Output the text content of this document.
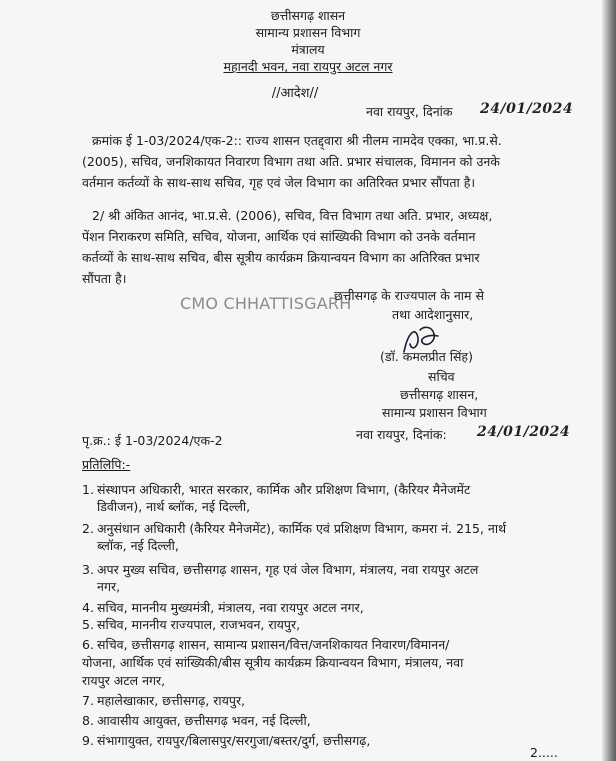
छत्तीसगढ़ शासन
सामान्य प्रशासन विभाग
मंत्रालय
महानदी भवन, नवा रायपुर अटल नगर
//आदेश//
नवा रायपुर, दिनांक 24/01/2024
क्रमांक ई 1-03/2024/एक-2:: राज्य शासन एतद्द्वारा श्री नीलम नामदेव एक्का, भा.प्र.से.
(2005), सचिव, जनशिकायत निवारण विभाग तथा अति. प्रभार संचालक, विमानन को उनके
वर्तमान कर्तव्यों के साथ-साथ सचिव, गृह एवं जेल विभाग का अतिरिक्त प्रभार सौंपता है।
2/ श्री अंकित आनंद, भा.प्र.से. (2006), सचिव, वित्त विभाग तथा अति. प्रभार, अध्यक्ष,
पेंशन निराकरण समिति, सचिव, योजना, आर्थिक एवं सांख्यिकी विभाग को उनके वर्तमान
कर्तव्यों के साथ-साथ सचिव, बीस सूत्रीय कार्यक्रम क्रियान्वयन विभाग का अतिरिक्त प्रभार
सौंपता है।
CMO CHHATTISGARH
छत्तीसगढ़ के राज्यपाल के नाम से
तथा आदेशानुसार,
(डॉ. कमलप्रीत सिंह)
सचिव
छत्तीसगढ़ शासन,
सामान्य प्रशासन विभाग
पृ.क्र.: ई 1-03/2024/एक-2	नवा रायपुर, दिनांक: 24/01/2024
प्रतिलिपि:-
1. संस्थापन अधिकारी, भारत सरकार, कार्मिक और प्रशिक्षण विभाग, (कैरियर मैनेजमेंट
डिवीजन), नार्थ ब्लॉक, नई दिल्ली,
2. अनुसंधान अधिकारी (कैरियर मैनेजमेंट), कार्मिक एवं प्रशिक्षण विभाग, कमरा नं. 215, नार्थ
ब्लॉक, नई दिल्ली,
3. अपर मुख्य सचिव, छत्तीसगढ़ शासन, गृह एवं जेल विभाग, मंत्रालय, नवा रायपुर अटल
नगर,
4. सचिव, माननीय मुख्यमंत्री, मंत्रालय, नवा रायपुर अटल नगर,
5. सचिव, माननीय राज्यपाल, राजभवन, रायपुर,
6. सचिव, छत्तीसगढ़ शासन, सामान्य प्रशासन/वित्त/जनशिकायत निवारण/विमानन/
योजना, आर्थिक एवं सांख्यिकी/बीस सूत्रीय कार्यक्रम क्रियान्वयन विभाग, मंत्रालय, नवा
रायपुर अटल नगर,
7. महालेखाकार, छत्तीसगढ़, रायपुर,
8. आवासीय आयुक्त, छत्तीसगढ़ भवन, नई दिल्ली,
9. संभागायुक्त, रायपुर/बिलासपुर/सरगुजा/बस्तर/दुर्ग, छत्तीसगढ़,
2.....
